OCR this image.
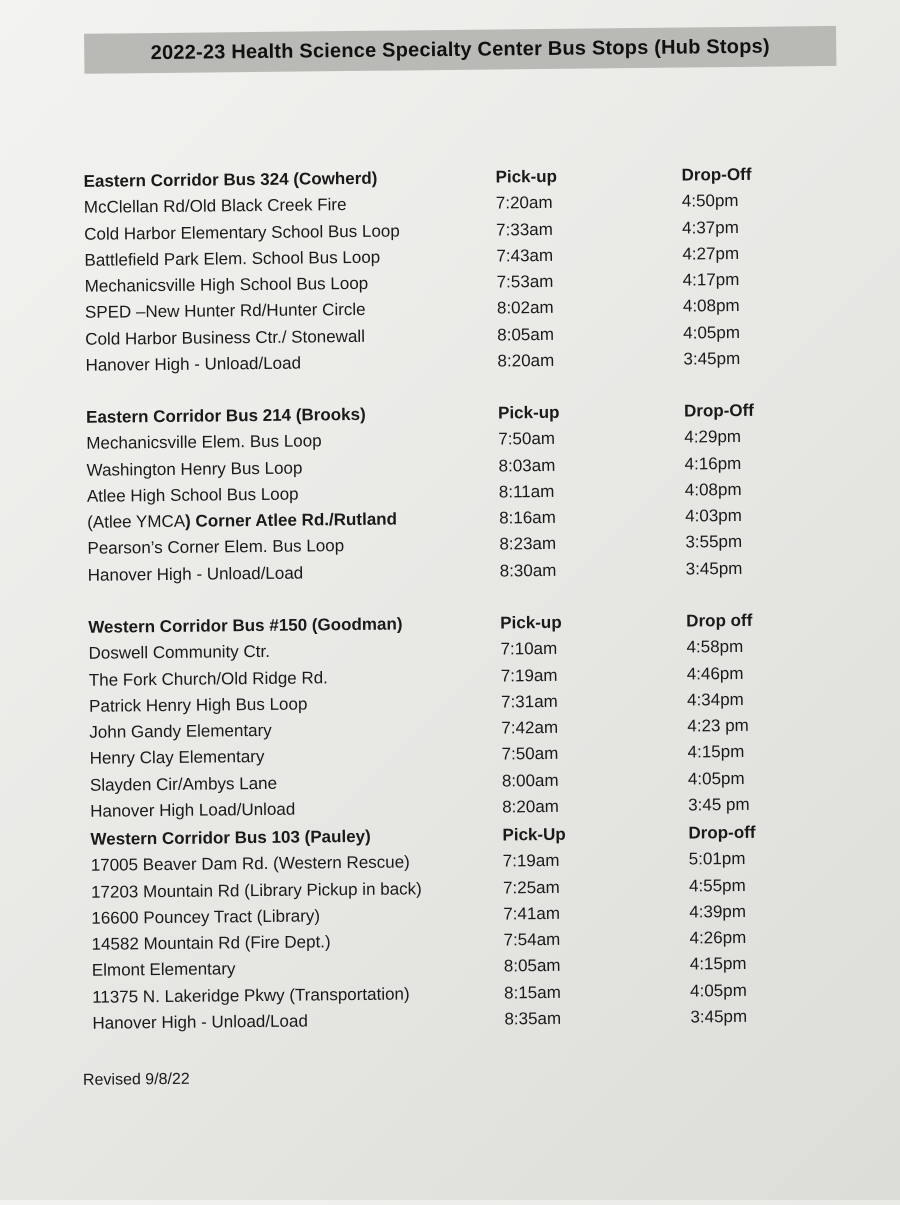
2022-23 Health Science Specialty Center Bus Stops (Hub Stops)
Eastern Corridor Bus 324 (Cowherd)	Pick-up	Drop-Off
McClellan Rd/Old Black Creek Fire	7:20am	4:50pm
Cold Harbor Elementary School Bus Loop	7:33am	4:37pm
Battlefield Park Elem. School Bus Loop	7:43am	4:27pm
Mechanicsville High School Bus Loop	7:53am	4:17pm
SPED –New Hunter Rd/Hunter Circle	8:02am	4:08pm
Cold Harbor Business Ctr./ Stonewall	8:05am	4:05pm
Hanover High - Unload/Load	8:20am	3:45pm
Eastern Corridor Bus 214 (Brooks)	Pick-up	Drop-Off
Mechanicsville Elem. Bus Loop	7:50am	4:29pm
Washington Henry Bus Loop	8:03am	4:16pm
Atlee High School Bus Loop	8:11am	4:08pm
(Atlee YMCA) Corner Atlee Rd./Rutland	8:16am	4:03pm
Pearson’s Corner Elem. Bus Loop	8:23am	3:55pm
Hanover High - Unload/Load	8:30am	3:45pm
Western Corridor Bus #150 (Goodman)	Pick-up	Drop off
Doswell Community Ctr.	7:10am	4:58pm
The Fork Church/Old Ridge Rd.	7:19am	4:46pm
Patrick Henry High Bus Loop	7:31am	4:34pm
John Gandy Elementary	7:42am	4:23 pm
Henry Clay Elementary	7:50am	4:15pm
Slayden Cir/Ambys Lane	8:00am	4:05pm
Hanover High Load/Unload	8:20am	3:45 pm
Western Corridor Bus 103 (Pauley)	Pick-Up	Drop-off
17005 Beaver Dam Rd. (Western Rescue)	7:19am	5:01pm
17203 Mountain Rd (Library Pickup in back)	7:25am	4:55pm
16600 Pouncey Tract (Library)	7:41am	4:39pm
14582 Mountain Rd (Fire Dept.)	7:54am	4:26pm
Elmont Elementary	8:05am	4:15pm
11375 N. Lakeridge Pkwy (Transportation)	8:15am	4:05pm
Hanover High - Unload/Load	8:35am	3:45pm
Revised 9/8/22
